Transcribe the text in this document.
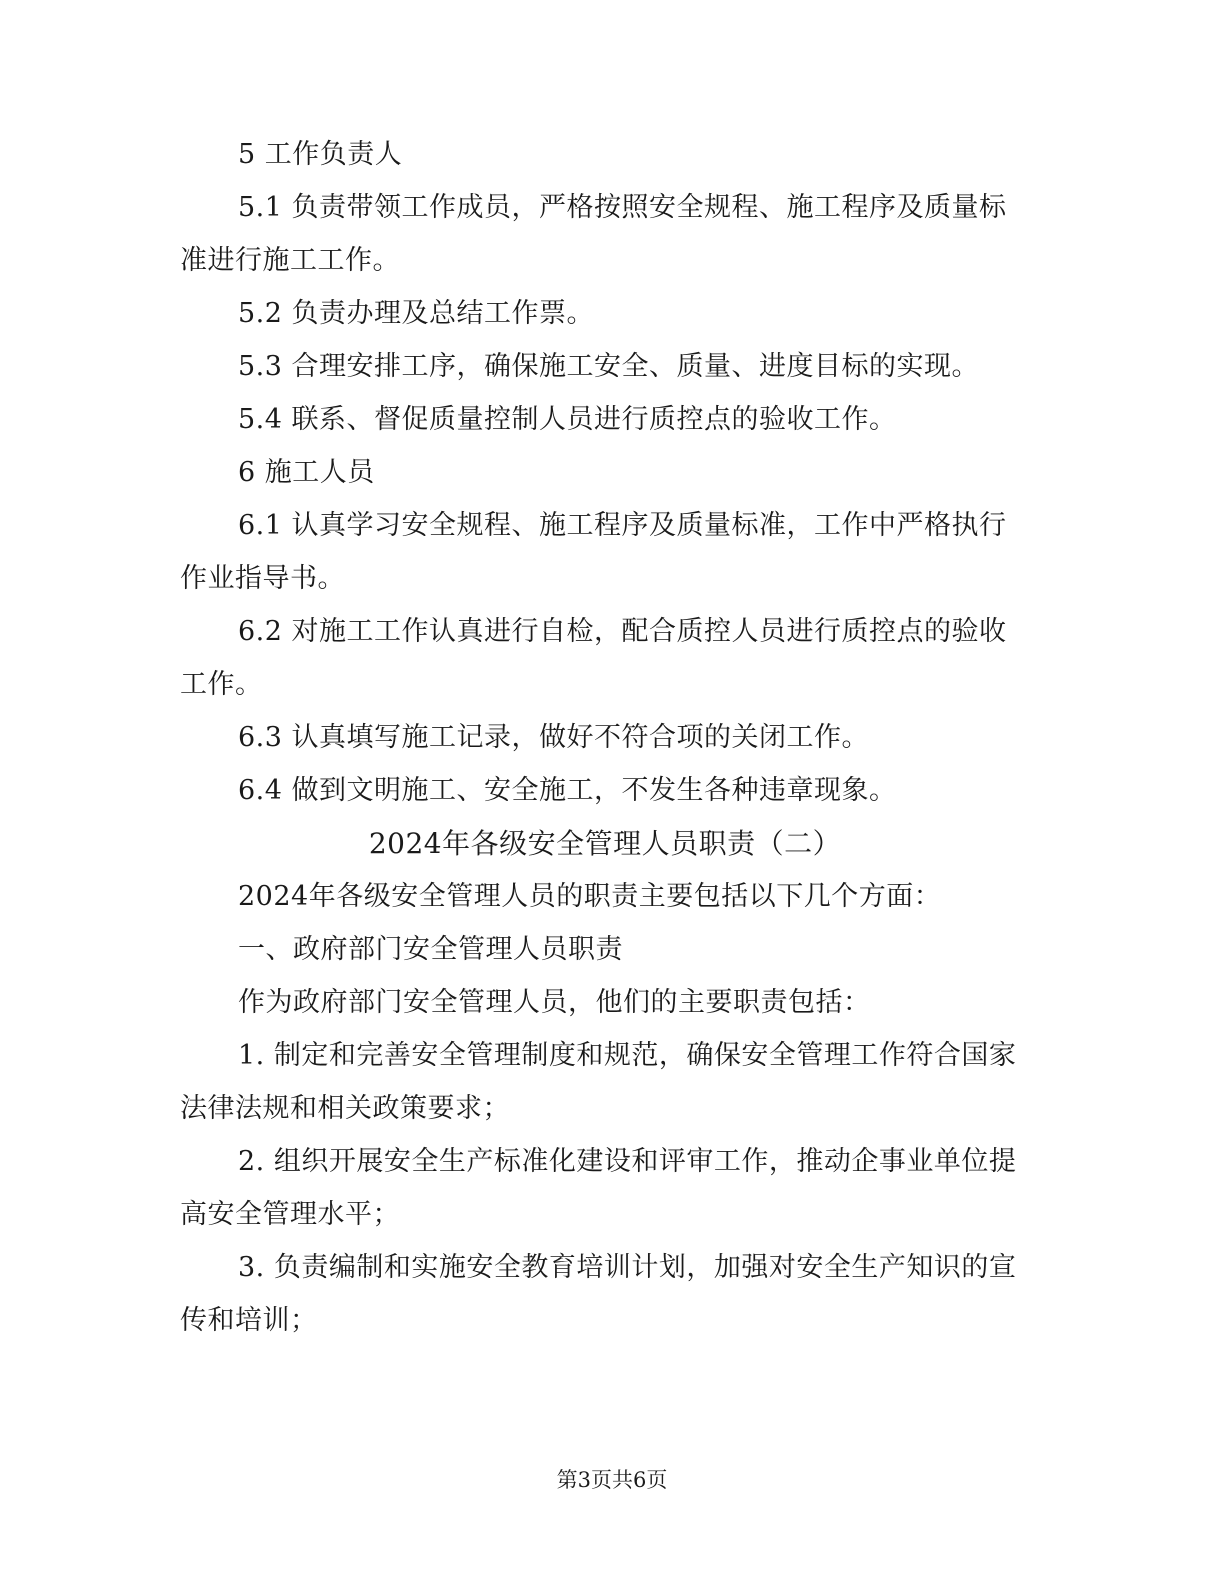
5 工作负责人

5.1 负责带领工作成员，严格按照安全规程、施工程序及质量标准进行施工工作。

5.2 负责办理及总结工作票。

5.3 合理安排工序，确保施工安全、质量、进度目标的实现。

5.4 联系、督促质量控制人员进行质控点的验收工作。

6 施工人员

6.1 认真学习安全规程、施工程序及质量标准，工作中严格执行作业指导书。

6.2 对施工工作认真进行自检，配合质控人员进行质控点的验收工作。

6.3 认真填写施工记录，做好不符合项的关闭工作。

6.4 做到文明施工、安全施工，不发生各种违章现象。

2024年各级安全管理人员职责（二）

2024年各级安全管理人员的职责主要包括以下几个方面：

一、政府部门安全管理人员职责

作为政府部门安全管理人员，他们的主要职责包括：

1. 制定和完善安全管理制度和规范，确保安全管理工作符合国家法律法规和相关政策要求；

2. 组织开展安全生产标准化建设和评审工作，推动企事业单位提高安全管理水平；

3. 负责编制和实施安全教育培训计划，加强对安全生产知识的宣传和培训；

第3页共6页
